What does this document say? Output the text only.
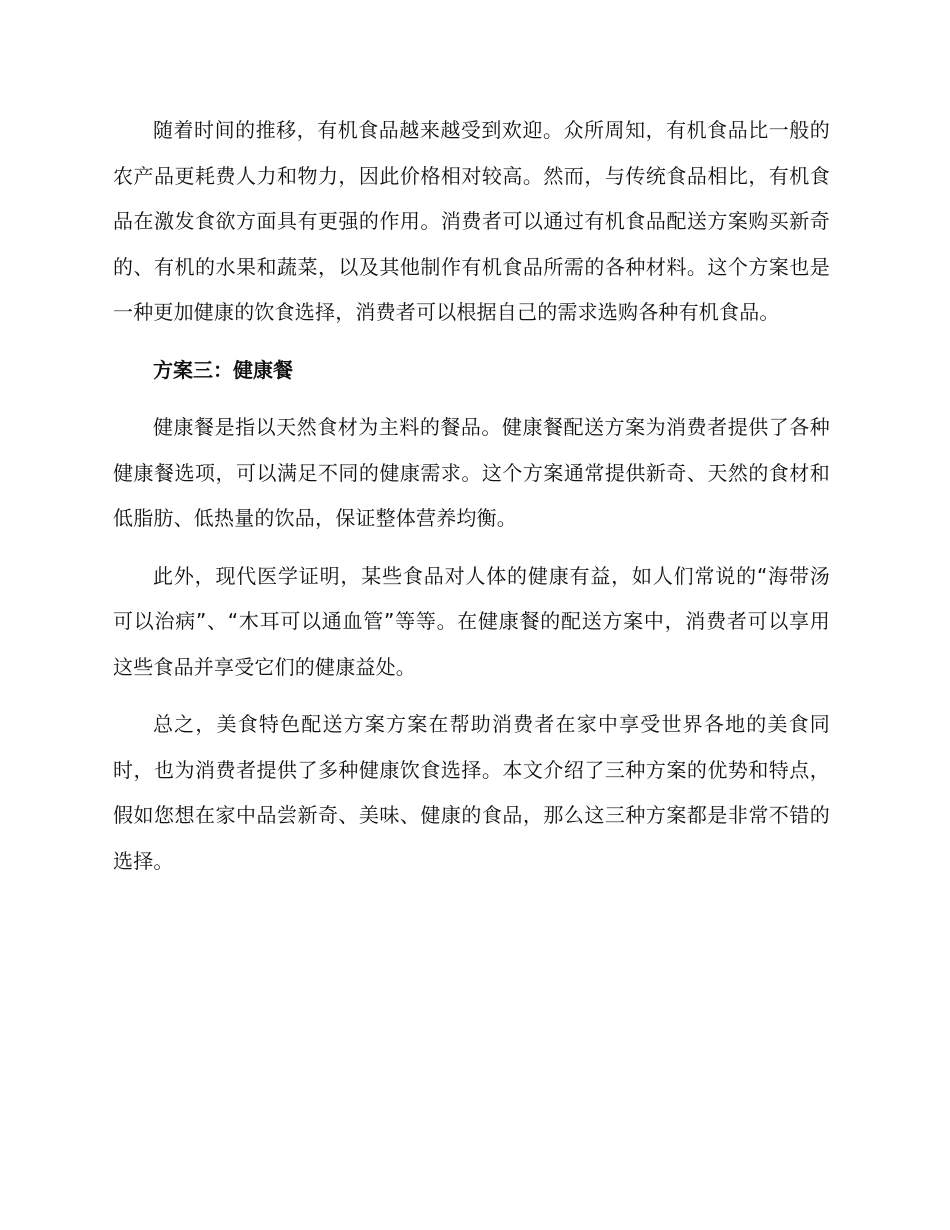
随着时间的推移，有机食品越来越受到欢迎。众所周知，有机食品比一般的农产品更耗费人力和物力，因此价格相对较高。然而，与传统食品相比，有机食品在激发食欲方面具有更强的作用。消费者可以通过有机食品配送方案购买新奇的、有机的水果和蔬菜，以及其他制作有机食品所需的各种材料。这个方案也是一种更加健康的饮食选择，消费者可以根据自己的需求选购各种有机食品。

方案三：健康餐

健康餐是指以天然食材为主料的餐品。健康餐配送方案为消费者提供了各种健康餐选项，可以满足不同的健康需求。这个方案通常提供新奇、天然的食材和低脂肪、低热量的饮品，保证整体营养均衡。

此外，现代医学证明，某些食品对人体的健康有益，如人们常说的“海带汤可以治病”、“木耳可以通血管”等等。在健康餐的配送方案中，消费者可以享用这些食品并享受它们的健康益处。

总之，美食特色配送方案方案在帮助消费者在家中享受世界各地的美食同时，也为消费者提供了多种健康饮食选择。本文介绍了三种方案的优势和特点，假如您想在家中品尝新奇、美味、健康的食品，那么这三种方案都是非常不错的选择。
